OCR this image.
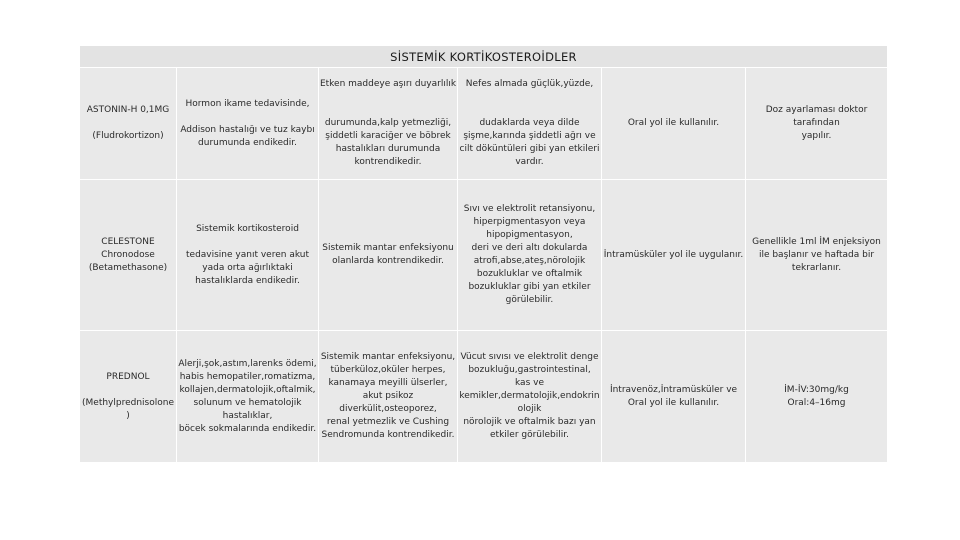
SİSTEMİK KORTİKOSTEROİDLER
ASTONIN-H 0,1MG

(Fludrokortizon)
Hormon ikame tedavisinde,

Addison hastalığı ve tuz kaybı
durumunda endikedir.
Etken maddeye aşırı duyarlılık

durumunda,kalp yetmezliği,
şiddetli karaciğer ve böbrek
hastalıkları durumunda
kontrendikedir.
Nefes almada güçlük,yüzde,

dudaklarda veya dilde
şişme,karında şiddetli ağrı ve
cilt döküntüleri gibi yan etkileri
vardır.
Oral yol ile kullanılır.
Doz ayarlaması doktor
tarafından
yapılır.
CELESTONE
Chronodose
(Betamethasone)
Sistemik kortikosteroid

tedavisine yanıt veren akut
yada orta ağırlıktaki
hastalıklarda endikedir.
Sistemik mantar enfeksiyonu
olanlarda kontrendikedir.
Sıvı ve elektrolit retansiyonu,
hiperpigmentasyon veya
hipopigmentasyon,
deri ve deri altı dokularda
atrofi,abse,ateş,nörolojik
bozukluklar ve oftalmik
bozukluklar gibi yan etkiler
görülebilir.
İntramüsküler yol ile uygulanır.
Genellikle 1ml İM enjeksiyon
ile başlanır ve haftada bir
tekrarlanır.
PREDNOL

(Methylprednisolone
)
Alerji,şok,astım,larenks ödemi,
habis hemopatiler,romatizma,
kollajen,dermatolojik,oftalmik,
solunum ve hematolojik
hastalıklar,
böcek sokmalarında endikedir.
Sistemik mantar enfeksiyonu,
tüberküloz,oküler herpes,
kanamaya meyilli ülserler,
akut psikoz
diverkülit,osteoporez,
renal yetmezlik ve Cushing
Sendromunda kontrendikedir.
Vücut sıvısı ve elektrolit denge
bozukluğu,gastrointestinal,
kas ve
kemikler,dermatolojik,endokrin
olojik
nörolojik ve oftalmik bazı yan
etkiler görülebilir.
İntravenöz,İntramüsküler ve
Oral yol ile kullanılır.
İM-İV:30mg/kg
Oral:4–16mg
